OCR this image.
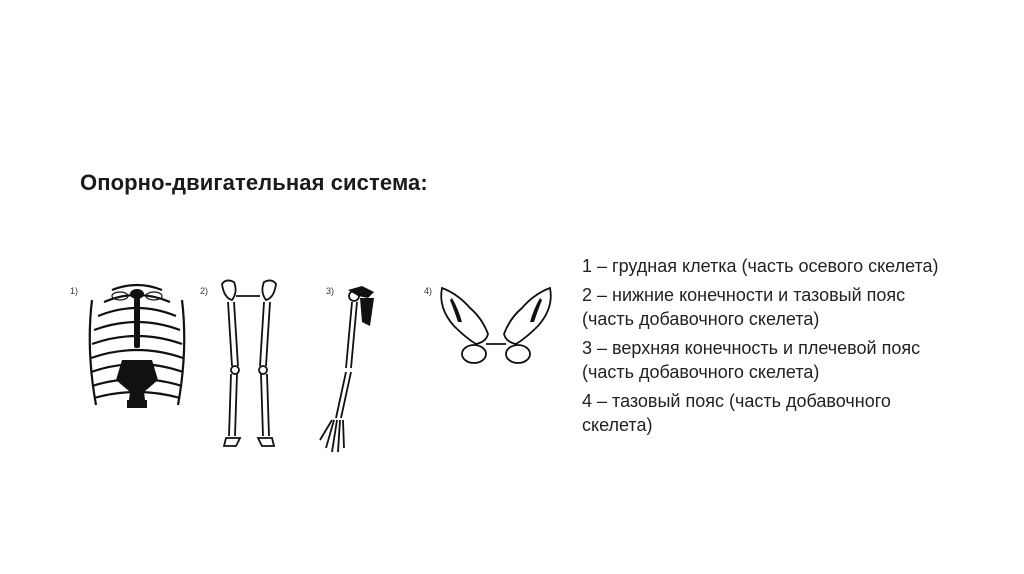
Опорно-двигательная система:
1)	2)	3)	4)
1 – грудная клетка (часть осевого скелета)
2 – нижние конечности и тазовый пояс (часть добавочного скелета)
3 – верхняя конечность и плечевой пояс (часть добавочного скелета)
4 – тазовый пояс (часть добавочного скелета)
